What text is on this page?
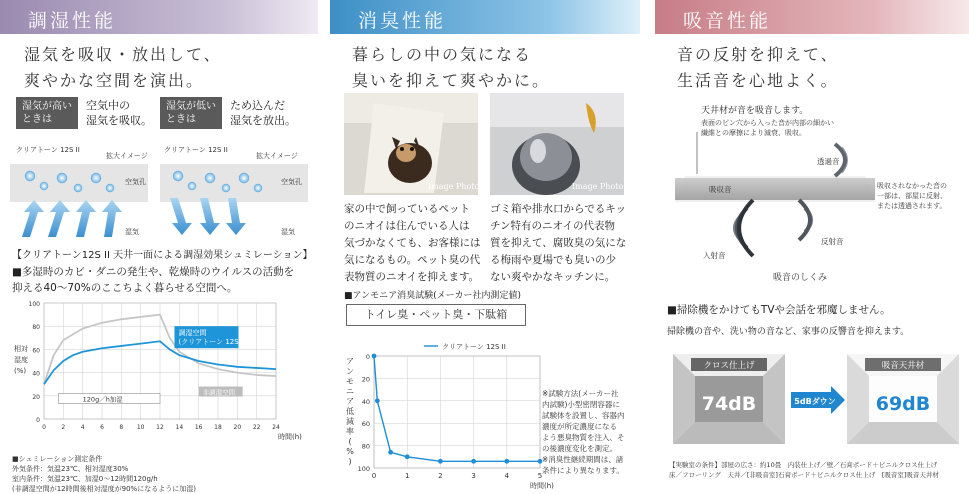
調湿性能
湿気を吸収・放出して、
爽やかな空間を演出。
湿気が高い
ときは
空気中の
湿気を吸収。
湿気が低い
ときは
ため込んだ
湿気を放出。
クリアトーン 12S II
拡大イメージ
クリアトーン 12S II
拡大イメージ
空気孔	空気孔
湿気	湿気
【クリアトーン12S II 天井一面による調湿効果シュミレーション】
■多湿時のカビ・ダニの発生や、乾燥時のウイルスの活動を
抑える40〜70%のここちよく暮らせる空間へ。
0
20
40
60
80
100
0	2	4	6	8 10 12 14 16 18 20 22 24
時間(h)
相対
湿度
(%)
調湿空間
(クリアトーン 12S II)
120g／h加湿
非調湿空間
■シュミレーション測定条件
外気条件：気温23℃、相対湿度30%
室内条件：気温23℃、加湿0〜12時間120g/h
(非調湿空間が12時間後相対湿度が90%になるように加湿)
消臭性能
暮らしの中の気になる
臭いを抑えて爽やかに。
Image Photo	Image Photo
家の中で飼っているペット
のニオイは住んでいる人は
気づかなくても、お客様には
気になるもの。ペット臭の代
表物質のニオイを抑えます。
ゴミ箱や排水口からでるキッ
チン特有のニオイの代表物
質を抑えて、腐敗臭の気にな
る梅雨や夏場でも臭いの少
ない爽やかなキッチンに。
■アンモニア消臭試験(メーカー社内測定値)
トイレ臭・ペット臭・下駄箱
0
20
40
60
80
100
0	1	2	3	4	5
時間(h)
ア
ン
モ
ニ
ア
低
減
率
(
%
)
クリアトーン 12S II
※試験方法(メーカー社
内試験)小型密閉容器に
試験体を設置し、容器内
濃度が所定濃度になる
よう悪臭物質を注入、そ
の後濃度変化を測定。
※消臭性継続期間は、諸
条件により異なります。
吸音性能
音の反射を抑えて、
生活音を心地よく。
天井材が音を吸音します。
表面のピン穴から入った音が内部の細かい
繊維との摩擦により減衰、吸収。
吸収音
透過音
吸収されなかった音の
一部は、部屋に反射、
または透過されます。
入射音
反射音
吸音のしくみ
■掃除機をかけてもTVや会話を邪魔しません。
掃除機の音や、洗い物の音など、家事の反響音を抑えます。
クロス仕上げ
74dB	5dBダウン
吸音天井材
69dB
【実験室の条件】部屋の広さ：約10畳　内装仕上げ／壁／石膏ボード＋ビニルクロス仕上げ
床／フローリング　天井／[非吸音室]石膏ボード＋ビニルクロス仕上げ　[吸音室]吸音天井材
